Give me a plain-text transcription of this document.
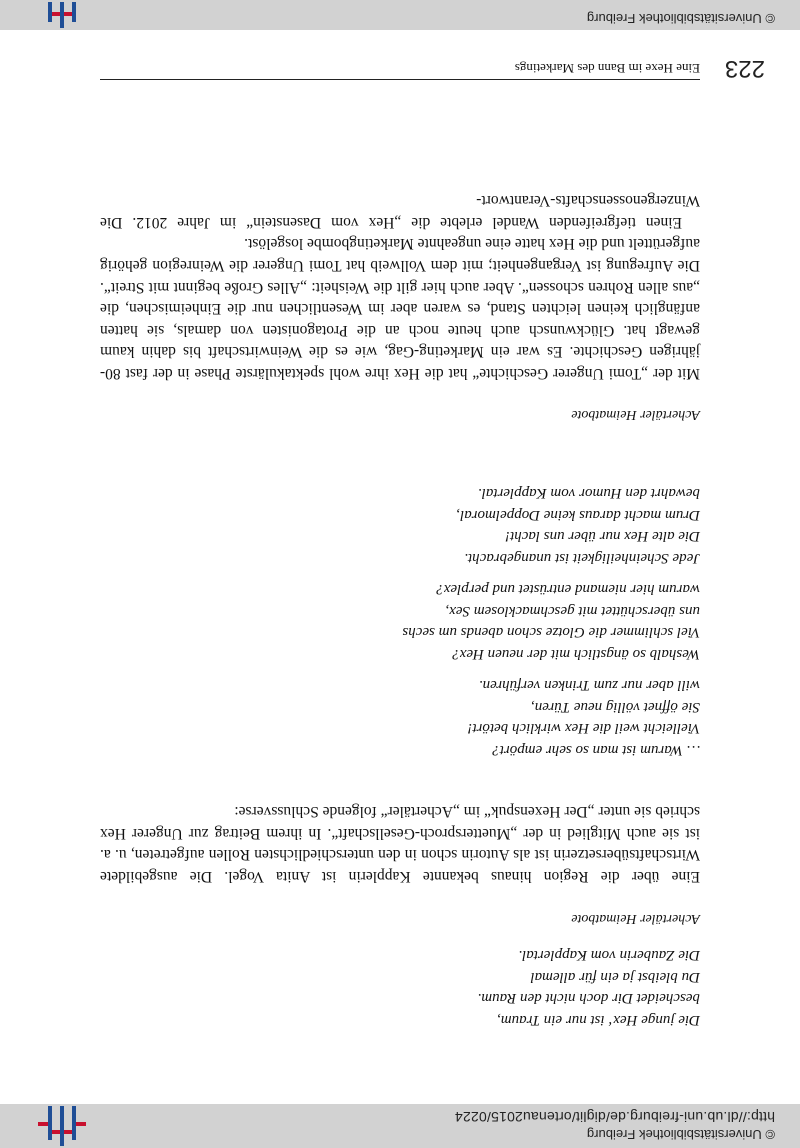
© Universitätsbibliothek Freiburg
http://dl.ub.uni-freiburg.de/diglit/ortenau2015/0224
Eine Hexe im Bann des Marketings 223
Die junge Hex‘ ist nur ein Traum,
bescheidet Dir doch nicht den Raum.
Du bleibst ja ein für allemal
Die Zauberin vom Kapplertal.
Achertäler Heimatbote

Eine über die Region hinaus bekannte Kapplerin ist Anita Vogel. Die ausgebildete Wirtschaftsübersetzerin ist als Autorin schon in den unterschiedlichsten Rollen aufgetreten, u. a. ist sie auch Mitglied in der „Muettersproch-Gesellschaft“. In ihrem Beitrag zur Ungerer Hex schrieb sie unter „Der Hexenspuk“ im „Achertäler“ folgende Schlussverse:

… Warum ist man so sehr empört?
Vielleicht weil die Hex wirklich betört!
Sie öffnet völlig neue Türen,
will aber nur zum Trinken verführen.
Weshalb so ängstlich mit der neuen Hex?
Viel schlimmer die Glotze schon abends um sechs
uns überschüttet mit geschmacklosem Sex,
warum hier niemand entrüstet und perplex?
Jede Scheinheiligkeit ist unangebracht.
Die alte Hex nur über uns lacht!
Drum macht daraus keine Doppelmoral,
bewahrt den Humor vom Kapplertal.
Achertäler Heimatbote

Mit der „Tomi Ungerer Geschichte“ hat die Hex ihre wohl spektakulärste Phase in der fast 80-jährigen Geschichte. Es war ein Marketing-Gag, wie es die Weinwirtschaft bis dahin kaum gewagt hat. Glückwunsch auch heute noch an die Protagonisten von damals, sie hatten anfänglich keinen leichten Stand, es waren aber im Wesentlichen nur die Einheimischen, die „aus allen Rohren schossen“. Aber auch hier gilt die Weisheit: „Alles Große beginnt mit Streit“. Die Aufregung ist Vergangenheit; mit dem Vollweib hat Tomi Ungerer die Weinregion gehörig aufgerüttelt und die Hex hatte eine ungeahnte Marketingbombe losgelöst.

Einen tiefgreifenden Wandel erlebte die „Hex vom Dasenstein“ im Jahre 2012. Die Winzergenossenschafts-Verantwort-

© Universitätsbibliothek Freiburg
